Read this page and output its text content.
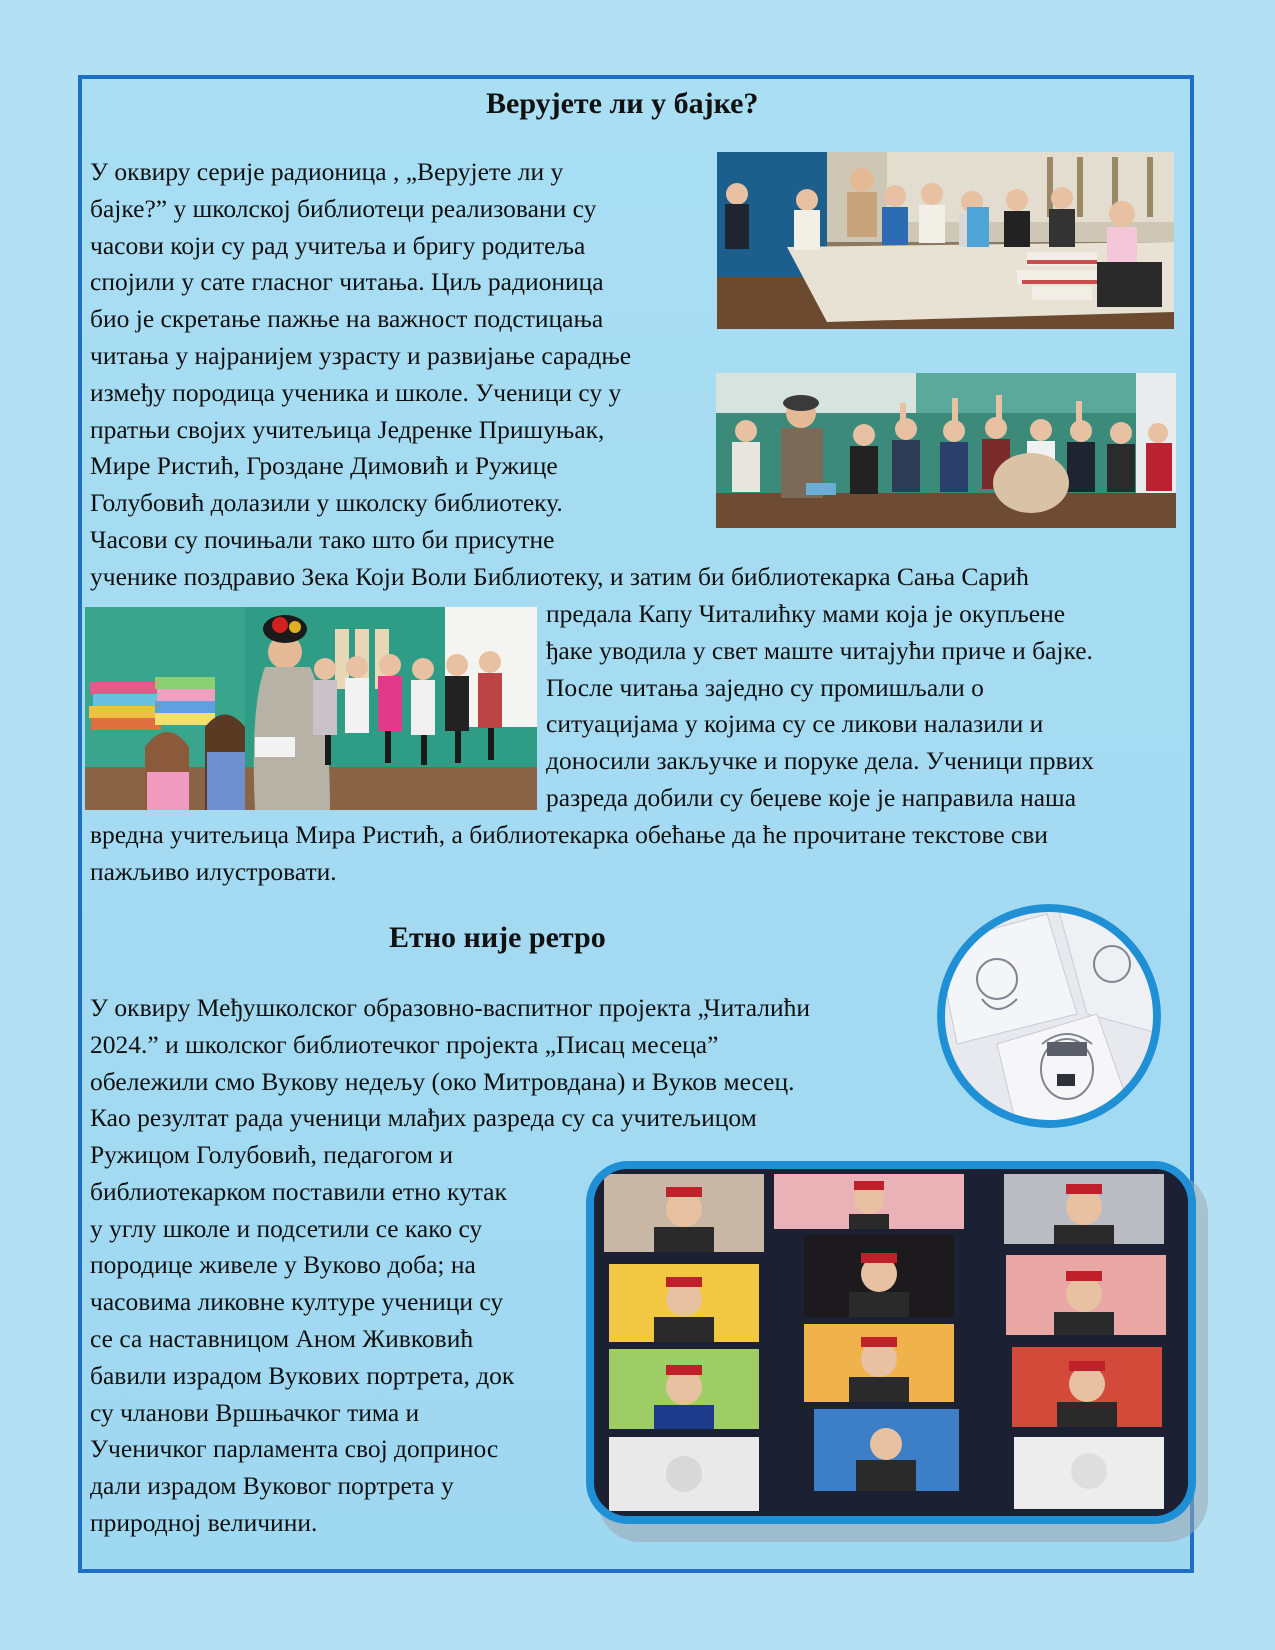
Верујете ли у бајке?
У оквиру серије радионица , „Верујете ли у
бајке?” у школској библиотеци реализовани су
часови који су рад учитеља и бригу родитеља
спојили у сате гласног читања. Циљ радионица
био је скретање пажње на важност подстицања
читања у најранијем узрасту и развијање сарадње
између породица ученика и школе. Ученици су у
пратњи својих учитељица Једренке Пришуњак,
Мире Ристић, Гроздане Димовић и Ружице
Голубовић долазили у школску библиотеку.
Часови су почињали тако што би присутне
ученике поздравио Зека Који Воли Библиотеку, и затим би библиотекарка Сања Сарић
предала Капу Читалићку мами која је окупљене
ђаке уводила у свет маште читајући приче и бајке.
После читања заједно су промишљали о
ситуацијама у којима су се ликови налазили и
доносили закључке и поруке дела. Ученици првих
разреда добили су беџеве које је направила наша
вредна учитељица Мира Ристић, а библиотекарка обећање да ће прочитане текстове сви
пажљиво илустровати.
Етно није ретро
У оквиру Међушколског образовно-васпитног пројекта „Читалићи
2024.” и школског библиотечког пројекта „Писац месеца”
обележили смо Вукову недељу (око Митровдана) и Вуков месец.
Као резултат рада ученици млађих разреда су са учитељицом
Ружицом Голубовић, педагогом и
библиотекарком поставили етно кутак
у углу школе и подсетили се како су
породице живеле у Вуково доба; на
часовима ликовне културе ученици су
се са наставницом Аном Живковић
бавили израдом Вукових портрета, док
су чланови Вршњачког тима и
Ученичког парламента свој допринос
дали израдом Вуковог портрета у
природној величини.
